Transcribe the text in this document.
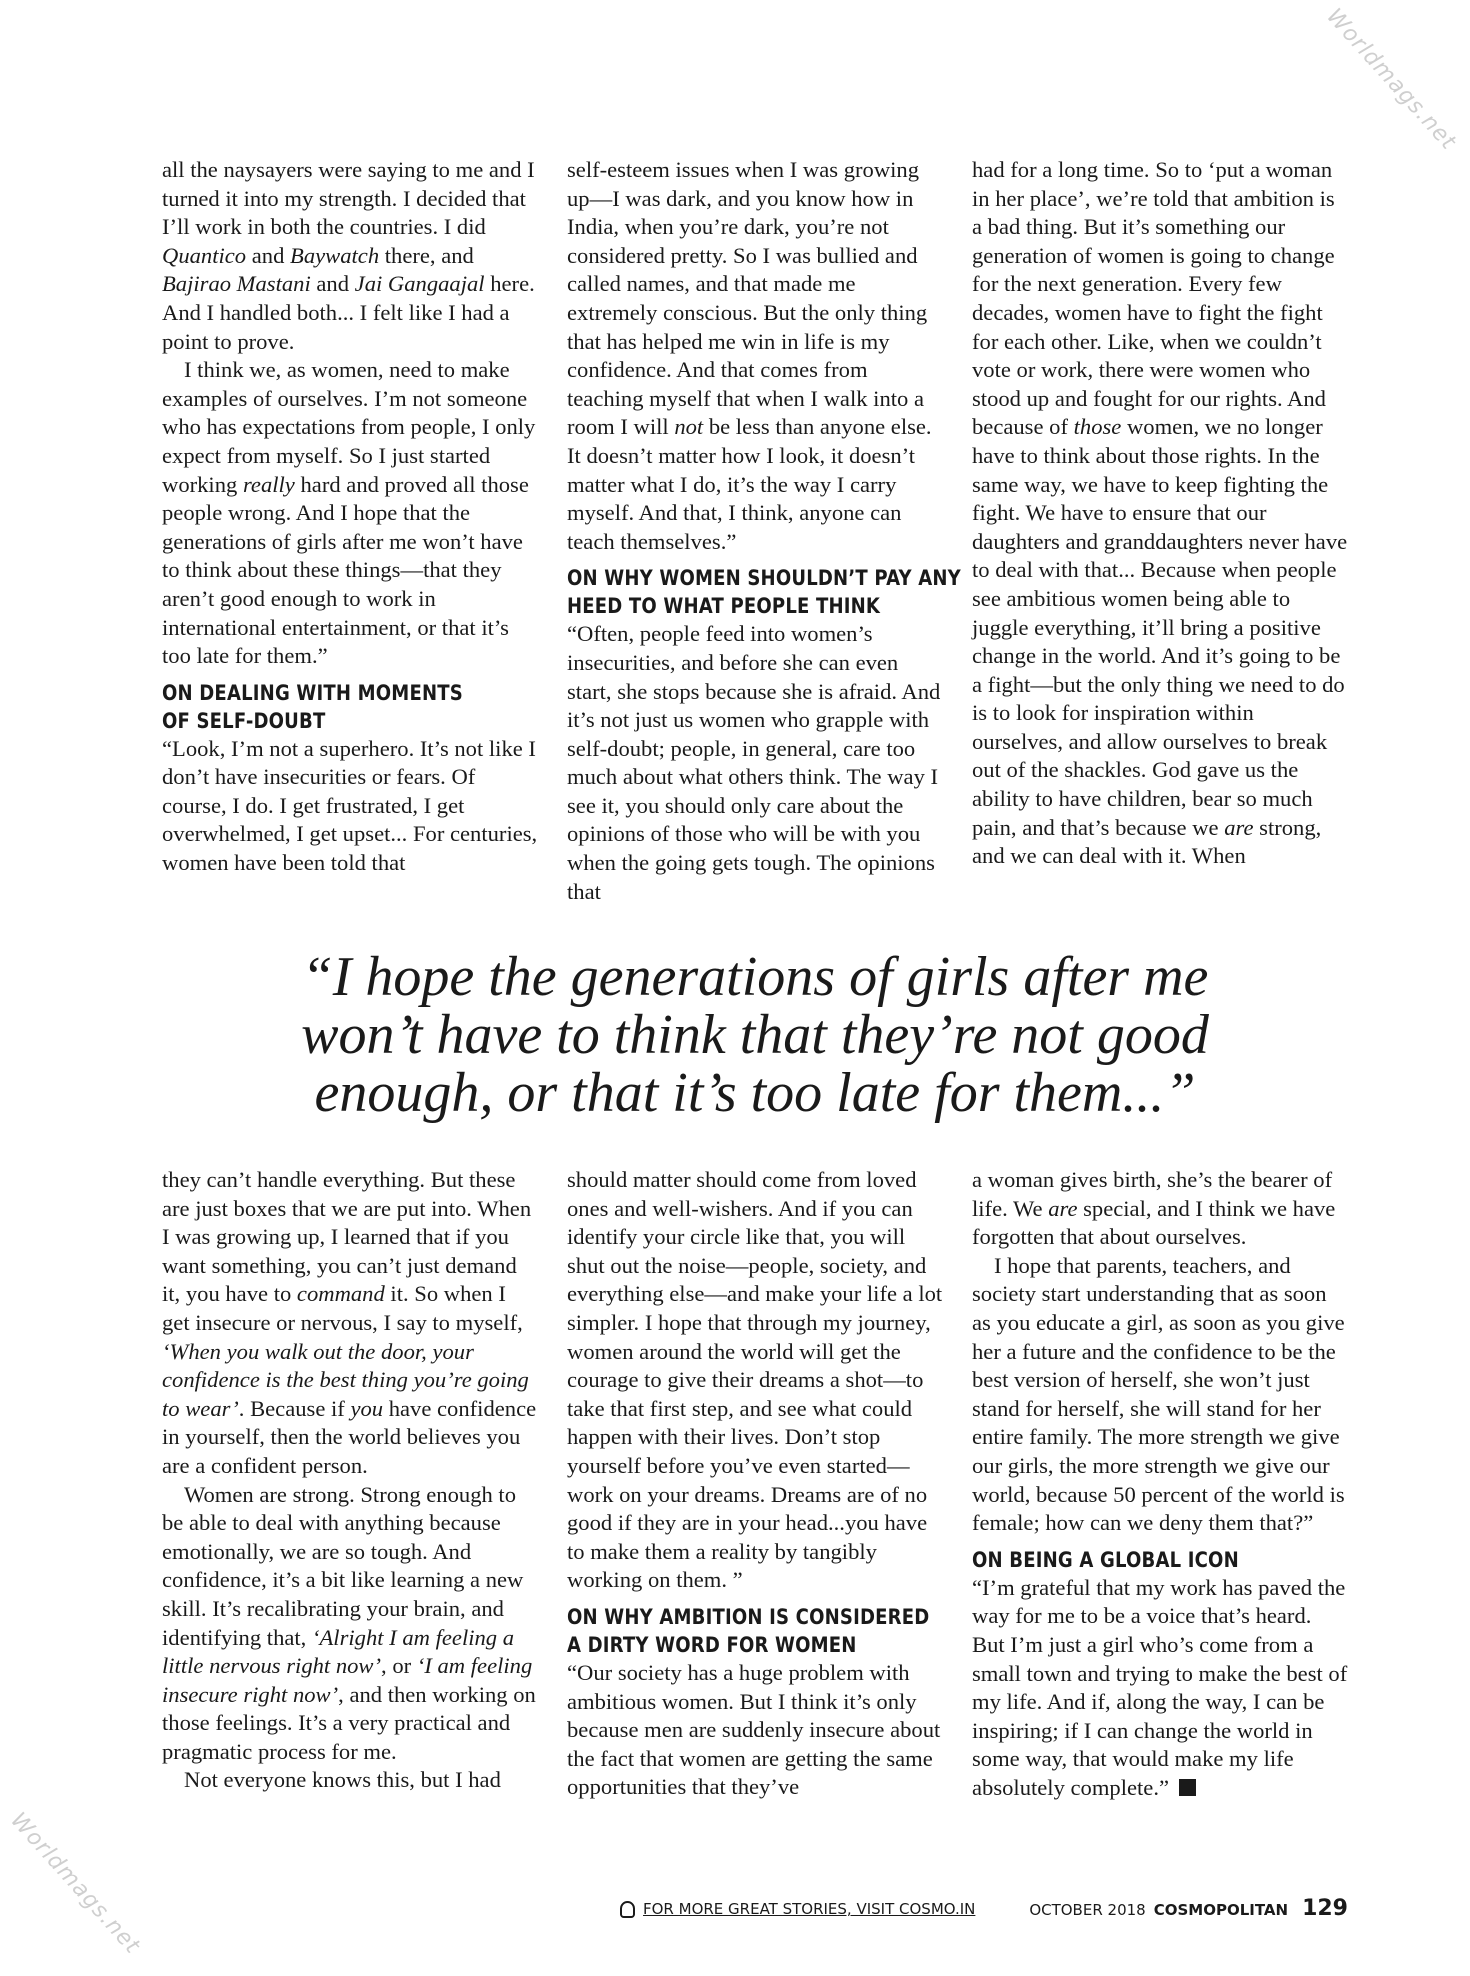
Worldmags.net
Worldmags.net

all the naysayers were saying to me and I turned it into my strength. I decided that I’ll work in both the countries. I did Quantico and Baywatch there, and Bajirao Mastani and Jai Gangaajal here. And I handled both... I felt like I had a point to prove.

I think we, as women, need to make examples of ourselves. I’m not someone who has expectations from people, I only expect from myself. So I just started working really hard and proved all those people wrong. And I hope that the generations of girls after me won’t have to think about these things—that they aren’t good enough to work in international entertainment, or that it’s too late for them.”

ON DEALING WITH MOMENTS
OF SELF-DOUBT

“Look, I’m not a superhero. It’s not like I don’t have insecurities or fears. Of course, I do. I get frustrated, I get overwhelmed, I get upset... For centuries, women have been told that

self-esteem issues when I was growing up—I was dark, and you know how in India, when you’re dark, you’re not considered pretty. So I was bullied and called names, and that made me extremely conscious. But the only thing that has helped me win in life is my confidence. And that comes from teaching myself that when I walk into a room I will not be less than anyone else. It doesn’t matter how I look, it doesn’t matter what I do, it’s the way I carry myself. And that, I think, anyone can teach themselves.”

ON WHY WOMEN SHOULDN’T PAY ANY
HEED TO WHAT PEOPLE THINK

“Often, people feed into women’s insecurities, and before she can even start, she stops because she is afraid. And it’s not just us women who grapple with self-doubt; people, in general, care too much about what others think. The way I see it, you should only care about the opinions of those who will be with you when the going gets tough. The opinions that

had for a long time. So to ‘put a woman in her place’, we’re told that ambition is a bad thing. But it’s something our generation of women is going to change for the next generation. Every few decades, women have to fight the fight for each other. Like, when we couldn’t vote or work, there were women who stood up and fought for our rights. And because of those women, we no longer have to think about those rights. In the same way, we have to keep fighting the fight. We have to ensure that our daughters and granddaughters never have to deal with that... Because when people see ambitious women being able to juggle everything, it’ll bring a positive change in the world. And it’s going to be a fight—but the only thing we need to do is to look for inspiration within ourselves, and allow ourselves to break out of the shackles. God gave us the ability to have children, bear so much pain, and that’s because we are strong, and we can deal with it. When

“I hope the generations of girls after me
won’t have to think that they’re not good
enough, or that it’s too late for them...”

they can’t handle everything. But these are just boxes that we are put into. When I was growing up, I learned that if you want something, you can’t just demand it, you have to command it. So when I get insecure or nervous, I say to myself, ‘When you walk out the door, your confidence is the best thing you’re going to wear’. Because if you have confidence in yourself, then the world believes you are a confident person.

Women are strong. Strong enough to be able to deal with anything because emotionally, we are so tough. And confidence, it’s a bit like learning a new skill. It’s recalibrating your brain, and identifying that, ‘Alright I am feeling a little nervous right now’, or ‘I am feeling insecure right now’, and then working on those feelings. It’s a very practical and pragmatic process for me.

Not everyone knows this, but I had

should matter should come from loved ones and well-wishers. And if you can identify your circle like that, you will shut out the noise—people, society, and everything else—and make your life a lot simpler. I hope that through my journey, women around the world will get the courage to give their dreams a shot—to take that first step, and see what could happen with their lives. Don’t stop yourself before you’ve even started—work on your dreams. Dreams are of no good if they are in your head...you have to make them a reality by tangibly working on them. ”

ON WHY AMBITION IS CONSIDERED
A DIRTY WORD FOR WOMEN

“Our society has a huge problem with ambitious women. But I think it’s only because men are suddenly insecure about the fact that women are getting the same opportunities that they’ve

a woman gives birth, she’s the bearer of life. We are special, and I think we have forgotten that about ourselves.

I hope that parents, teachers, and society start understanding that as soon as you educate a girl, as soon as you give her a future and the confidence to be the best version of herself, she won’t just stand for herself, she will stand for her entire family. The more strength we give our girls, the more strength we give our world, because 50 percent of the world is female; how can we deny them that?”

ON BEING A GLOBAL ICON

“I’m grateful that my work has paved the way for me to be a voice that’s heard. But I’m just a girl who’s come from a small town and trying to make the best of my life. And if, along the way, I can be inspiring; if I can change the world in some way, that would make my life absolutely complete.”

FOR MORE GREAT STORIES, VISIT COSMO.IN	OCTOBER 2018 COSMOPOLITAN 129
